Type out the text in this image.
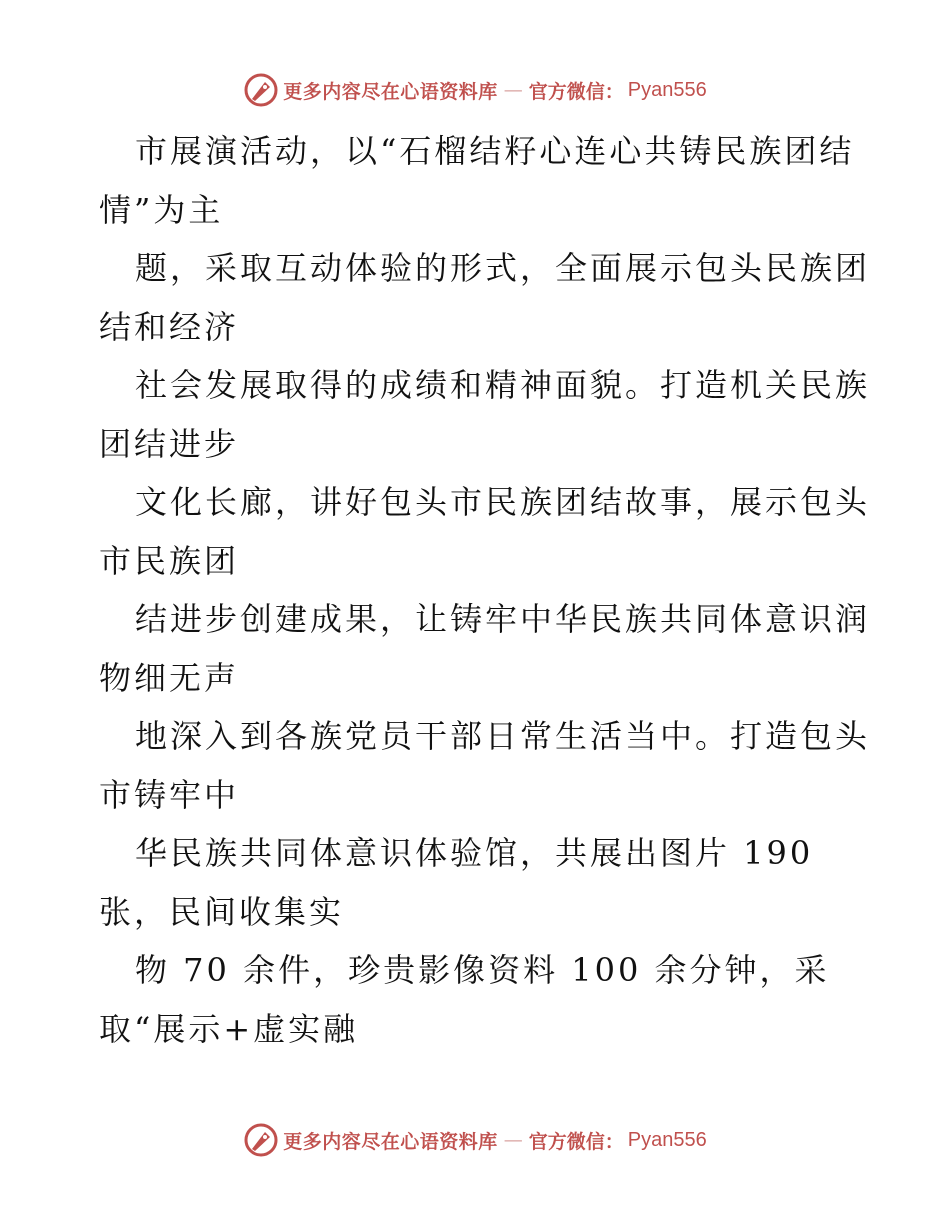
更多内容尽在心语资料库 — 官方微信： Pyan556
市展演活动，以“石榴结籽心连心共铸民族团结
情”为主
题，采取互动体验的形式，全面展示包头民族团
结和经济
社会发展取得的成绩和精神面貌。打造机关民族
团结进步
文化长廊，讲好包头市民族团结故事，展示包头
市民族团
结进步创建成果，让铸牢中华民族共同体意识润
物细无声
地深入到各族党员干部日常生活当中。打造包头
市铸牢中
华民族共同体意识体验馆，共展出图片 190
张，民间收集实
物 70 余件，珍贵影像资料 100 余分钟，采
取“展示+虚实融
更多内容尽在心语资料库 — 官方微信： Pyan556
